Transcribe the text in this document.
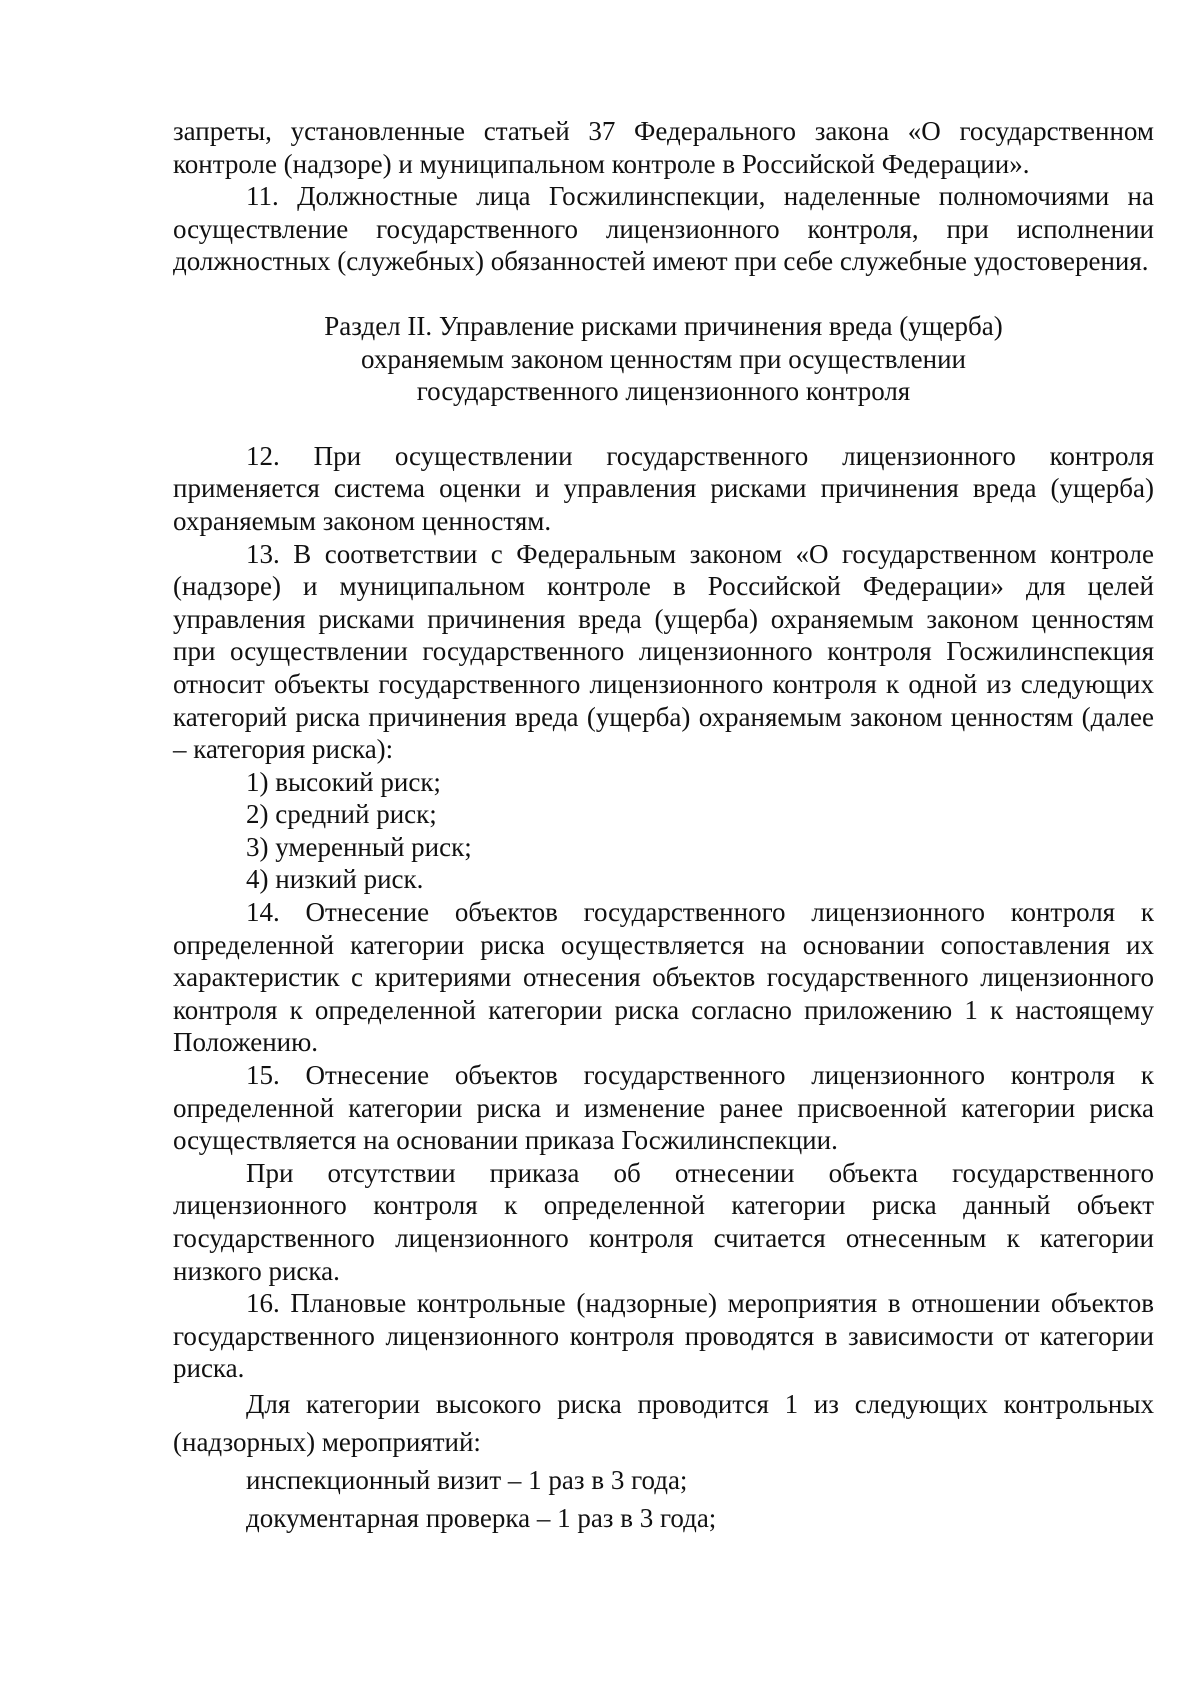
запреты, установленные статьей 37 Федерального закона «О государственном контроле (надзоре) и муниципальном контроле в Российской Федерации».

11. Должностные лица Госжилинспекции, наделенные полномочиями на осуществление государственного лицензионного контроля, при исполнении должностных (служебных) обязанностей имеют при себе служебные удостоверения.

Раздел II. Управление рисками причинения вреда (ущерба)
охраняемым законом ценностям при осуществлении
государственного лицензионного контроля

12. При осуществлении государственного лицензионного контроля применяется система оценки и управления рисками причинения вреда (ущерба) охраняемым законом ценностям.

13. В соответствии с Федеральным законом «О государственном контроле (надзоре) и муниципальном контроле в Российской Федерации» для целей управления рисками причинения вреда (ущерба) охраняемым законом ценностям при осуществлении государственного лицензионного контроля Госжилинспекция относит объекты государственного лицензионного контроля к одной из следующих категорий риска причинения вреда (ущерба) охраняемым законом ценностям (далее – категория риска):

1) высокий риск;

2) средний риск;

3) умеренный риск;

4) низкий риск.

14. Отнесение объектов государственного лицензионного контроля к определенной категории риска осуществляется на основании сопоставления их характеристик с критериями отнесения объектов государственного лицензионного контроля к определенной категории риска согласно приложению 1 к настоящему Положению.

15. Отнесение объектов государственного лицензионного контроля к определенной категории риска и изменение ранее присвоенной категории риска осуществляется на основании приказа Госжилинспекции.

При отсутствии приказа об отнесении объекта государственного лицензионного контроля к определенной категории риска данный объект государственного лицензионного контроля считается отнесенным к категории низкого риска.

16. Плановые контрольные (надзорные) мероприятия в отношении объектов государственного лицензионного контроля проводятся в зависимости от категории риска.

Для категории высокого риска проводится 1 из следующих контрольных (надзорных) мероприятий:

инспекционный визит – 1 раз в 3 года;

документарная проверка – 1 раз в 3 года;
